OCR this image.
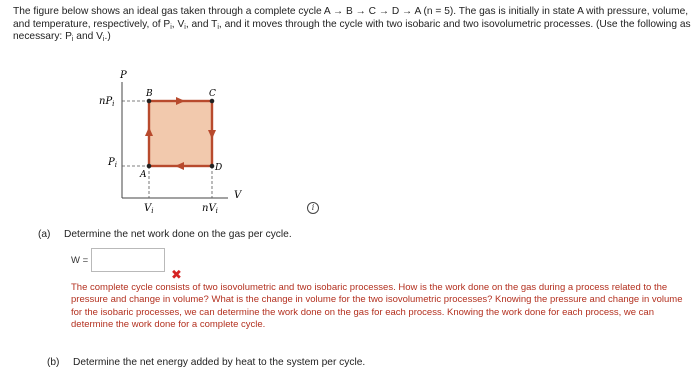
The figure below shows an ideal gas taken through a complete cycle A → B → C → D → A (n = 5). The gas is initially in state A with pressure, volume, and temperature, respectively, of $P_i$, $V_i$, and $T_i$, and it moves through the cycle with two isobaric and two isovolumetric processes. (Use the following as necessary: $P_i$ and $V_i$.)
P
V
B	C
A
D
$nP_i$
$P_i$
$V_i$	$nV_i$	i
(a) Determine the net work done on the gas per cycle.
W =
✖
The complete cycle consists of two isovolumetric and two isobaric processes. How is the work done on the gas during a process related to the pressure and change in volume? What is the change in volume for the two isovolumetric processes? Knowing the pressure and change in volume for the isobaric processes, we can determine the work done on the gas for each process. Knowing the work done for each process, we can determine the work done for a complete cycle.
(b) Determine the net energy added by heat to the system per cycle.
